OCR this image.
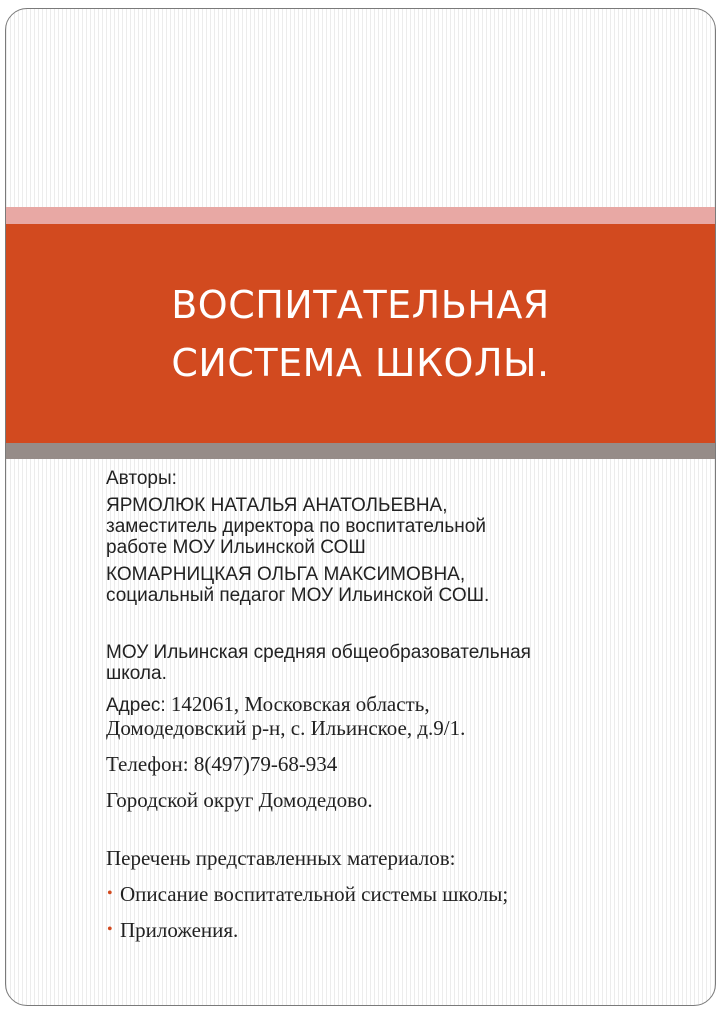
ВОСПИТАТЕЛЬНАЯ
СИСТЕМА ШКОЛЫ.

Авторы:

ЯРМОЛЮК НАТАЛЬЯ АНАТОЛЬЕВНА,

заместитель директора по воспитательной

работе МОУ Ильинской СОШ

КОМАРНИЦКАЯ ОЛЬГА МАКСИМОВНА,

социальный педагог МОУ Ильинской СОШ.

МОУ Ильинская средняя общеобразовательная

школа.

Адрес: 142061, Московская область,

Домодедовский р-н, с. Ильинское, д.9/1.

Телефон: 8(497)79-68-934

Городской округ Домодедово.

Перечень представленных материалов:

• Описание воспитательной системы школы;

• Приложения.
